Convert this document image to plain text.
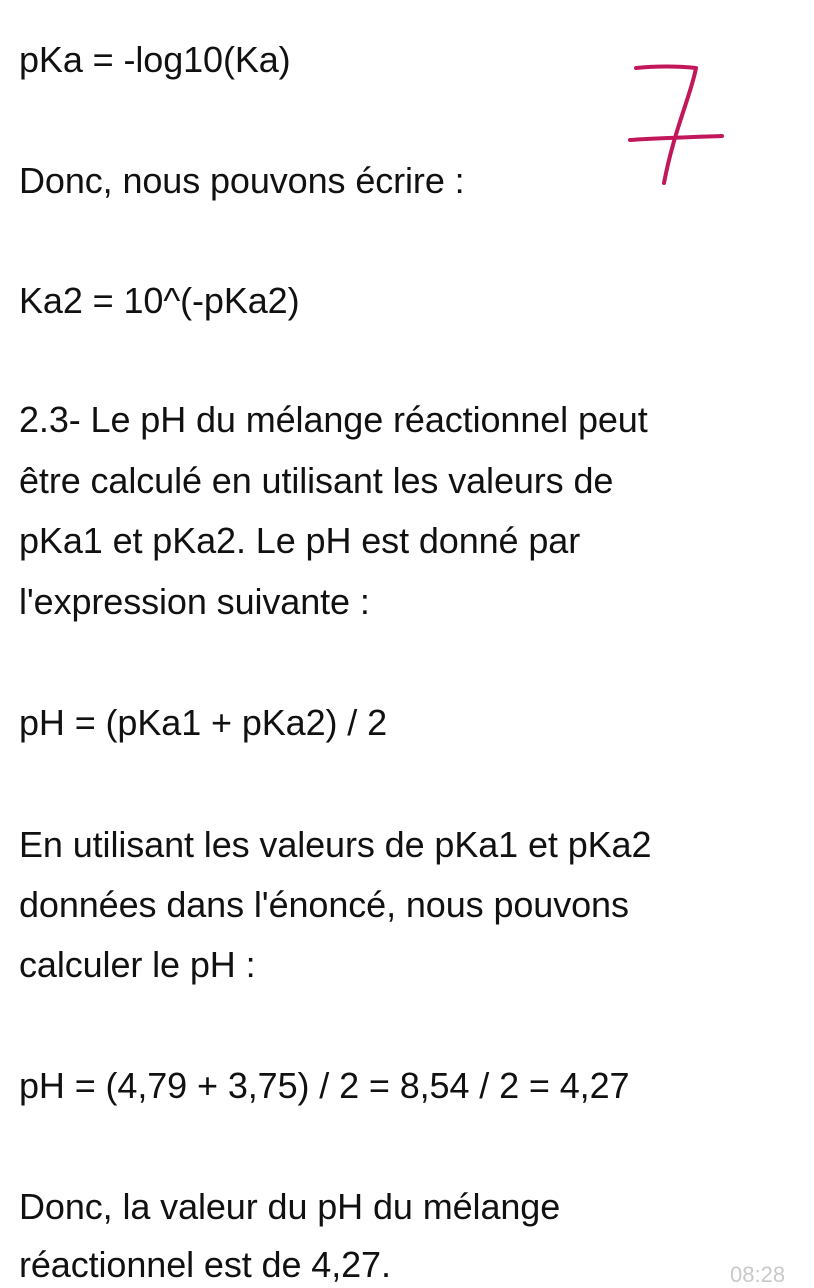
pKa = -log10(Ka)
Donc, nous pouvons écrire :
Ka2 = 10^(-pKa2)
2.3- Le pH du mélange réactionnel peut
être calculé en utilisant les valeurs de
pKa1 et pKa2. Le pH est donné par
l'expression suivante :
pH = (pKa1 + pKa2) / 2
En utilisant les valeurs de pKa1 et pKa2
données dans l'énoncé, nous pouvons
calculer le pH :
pH = (4,79 + 3,75) / 2 = 8,54 / 2 = 4,27
Donc, la valeur du pH du mélange
réactionnel est de 4,27.	08:28
